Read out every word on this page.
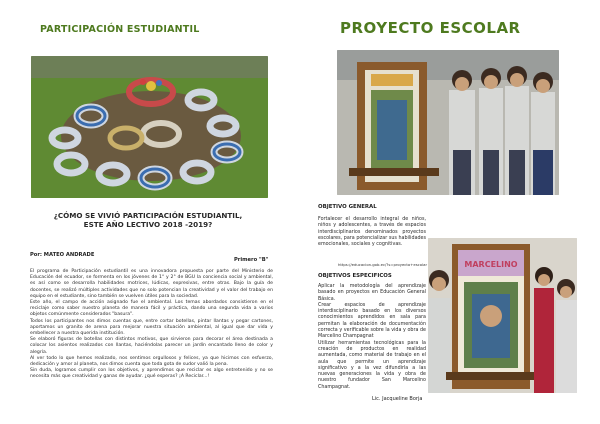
PARTICIPACIÓN ESTUDIANTIL
¿CÓMO SE VIVIÓ PARTICIPACIÓN ESTUDIANTIL, ESTE AÑO LECTIVO 2018 -2019?
Por: MATEO ANDRADE
Primero "B"

El programa de Participación estudiantil es una innovadora propuesta por parte del Ministerio de Educación del ecuador, se formenta en los jóvenes de 1° y 2° de BGU la conciencia social y ambiental, es así como se desarrolla habilidades motrices, lúdicas, expresivas, entre otras. Bajo la guía de docentes, se realizó múltiples actividades que no solo potencian la creatividad y el valor del trabajo en equipo en el estudiante, sino también se vuelven útiles para la sociedad.

Este año, el campo de acción asignado fue el ambiental. Los temas abordados consistieron en el reciclaje como saber nuestro planeta de manera fácil y práctica, dando una segunda vida a varios objetos comúnmente considerados "basura".

Todos los participantes nos dimos cuentas que, entre cortar botellas, pintar llantas y pegar cartones, aportamos un granito de arena para mejorar nuestra situación ambiental, al igual que dar vida y embellecer a nuestra querida institución.

Se elaboró figuras de botellas con distintos motivos, que sirvieron para decorar el área destinada a colocar los asientos realizados con llantas, haciéndolas parecer un jardín encantado lleno de color y alegría.

Al ver todo lo que hemos realizado, nos sentimos orgullosos y felices, ya que hicimos con esfuerzo, dedicación y amor al planeta, nos dimos cuenta que toda gota de sudor valió la pena.

Sin duda, logramos cumplir con los objetivos, y aprendimos que reciclar es algo entretenido y no se necesita más que creatividad y ganas de ayudar. ¿qué esperas? ¡A Reciclar...!

PROYECTO ESCOLAR
OBJETIVO GENERAL
Fortalecer el desarrollo integral de niños, niños y adolescentes, a través de espacios interdisciplinarios denominados proyectos escolares, para potencializar sus habilidades emocionales, sociales y cognitivas.
https://educacion.gob.ec/?s=proyecto+escolar
OBJETIVOS ESPECIFICOS

Aplicar la metodología del aprendizaje basado en proyectos en Educación General Básica.

Crear espacios de aprendizaje interdisciplinario basado en los diversos conocimientos aprendidos en sala para permitan la elaboración de documentación correcta y verificable sobre la vida y obra de Marcelino Champagnat

Utilizar herramientas tecnológicas para la creación de productos en realidad aumentada, como material de trabajo en el aula que permite un aprendizaje significativo y a la vez difundirla a las nuevas generaciones la vida y obra de nuestro fundador San Marcelino Champagnat.

MARCELINO
Lic. Jacqueline Borja
